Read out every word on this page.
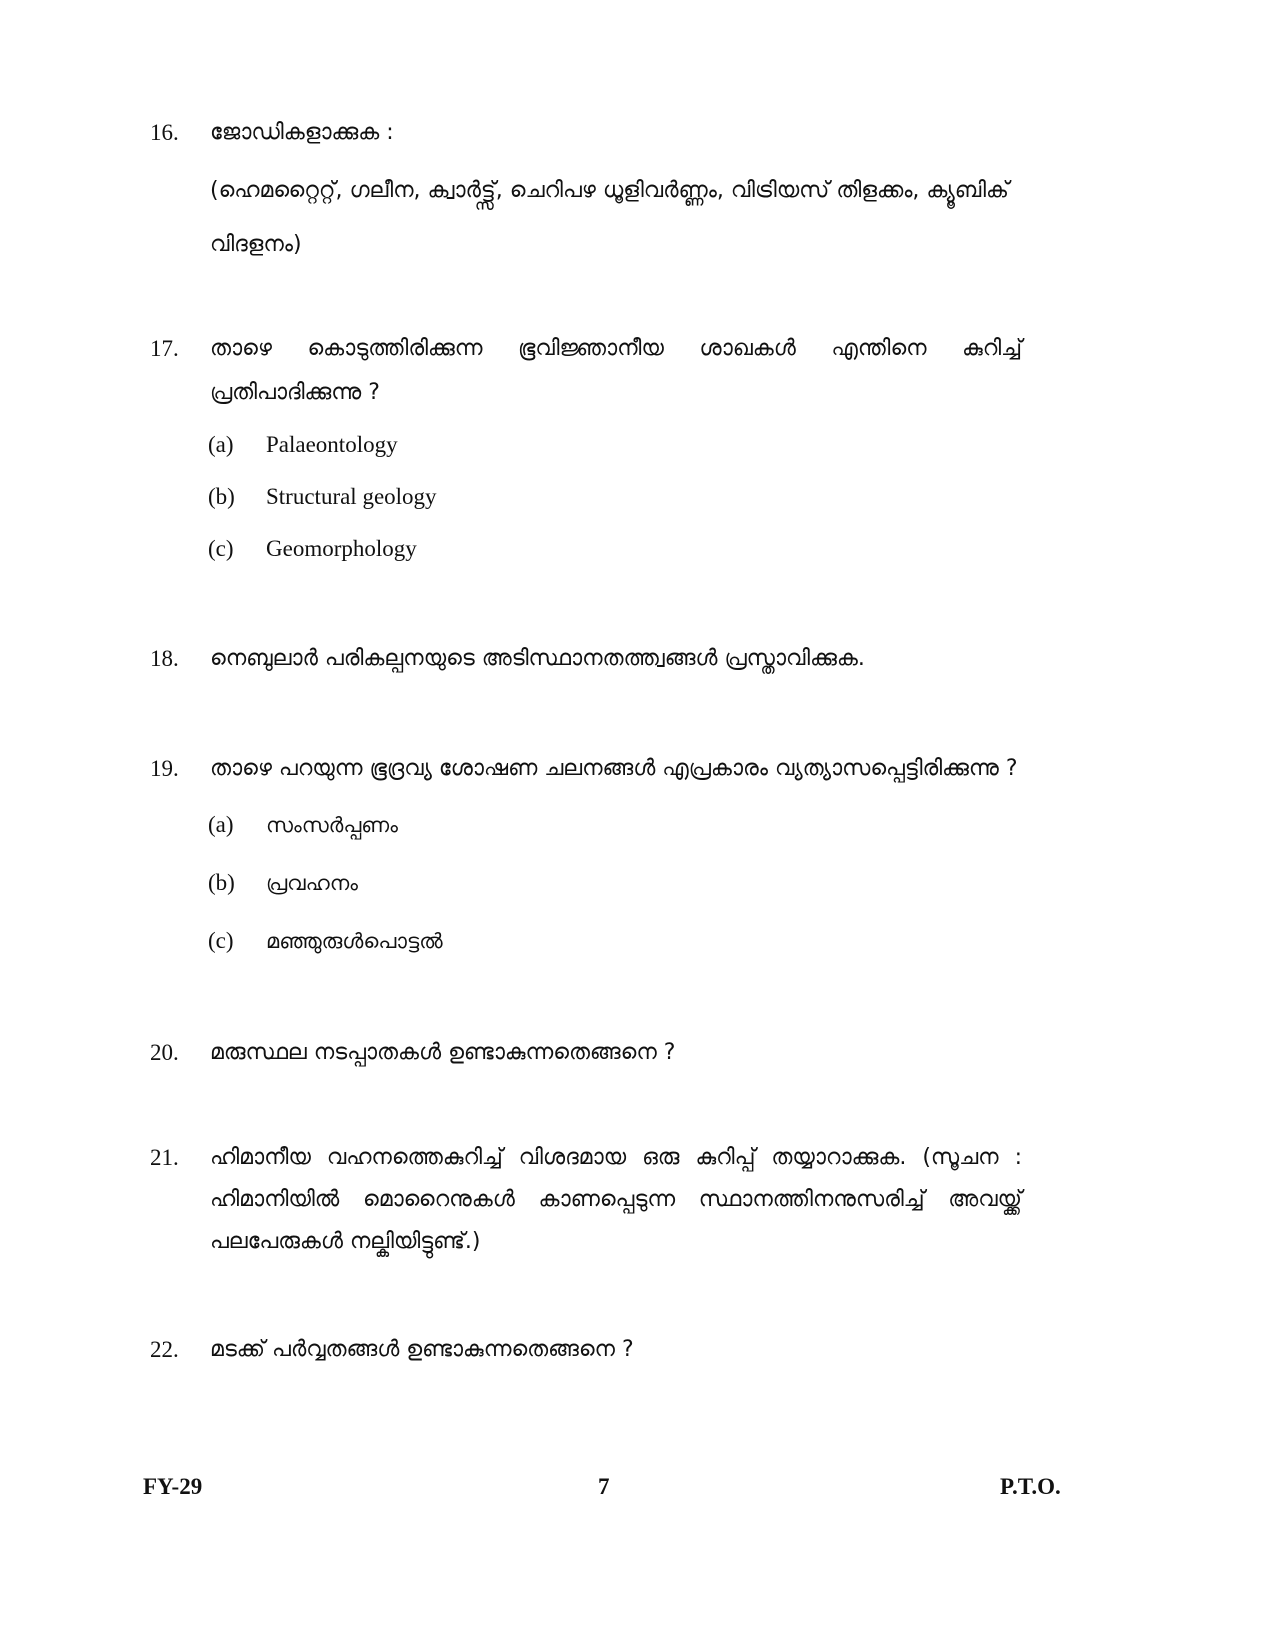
16. ജോഡികളാക്കുക :
(ഹെമറ്റൈറ്റ്, ഗലീന, ക്വാർട്ട്സ്, ചെറിപഴ ധൂളിവർണ്ണം, വിട്രിയസ് തിളക്കം, ക്യൂബിക്
വിദളനം)
17. താഴെ കൊടുത്തിരിക്കുന്ന ഭൂവിജ്ഞാനീയ ശാഖകൾ എന്തിനെ കുറിച്ച്
പ്രതിപാദിക്കുന്നു ?
(a) Palaeontology
(b) Structural geology
(c) Geomorphology
18. നെബുലാർ പരികല്പനയുടെ അടിസ്ഥാനതത്ത്വങ്ങൾ പ്രസ്താവിക്കുക.
19. താഴെ പറയുന്ന ഭൂദ്രവ്യ ശോഷണ ചലനങ്ങൾ എപ്രകാരം വ്യത്യാസപ്പെട്ടിരിക്കുന്നു ?
(a) സംസർപ്പണം
(b) പ്രവഹനം
(c) മഞ്ഞുരുൾപൊട്ടൽ
20. മരുസ്ഥല നടപ്പാതകൾ ഉണ്ടാകുന്നതെങ്ങനെ ?
21. ഹിമാനീയ വഹനത്തെകുറിച്ച് വിശദമായ ഒരു കുറിപ്പ് തയ്യാറാക്കുക. (സൂചന :
ഹിമാനിയിൽ മൊറൈനുകൾ കാണപ്പെടുന്ന സ്ഥാനത്തിനനുസരിച്ച് അവയ്ക്ക്
പലപേരുകൾ നല്കിയിട്ടുണ്ട്.)
22. മടക്ക് പർവ്വതങ്ങൾ ഉണ്ടാകുന്നതെങ്ങനെ ?
FY-29	7	P.T.O.
